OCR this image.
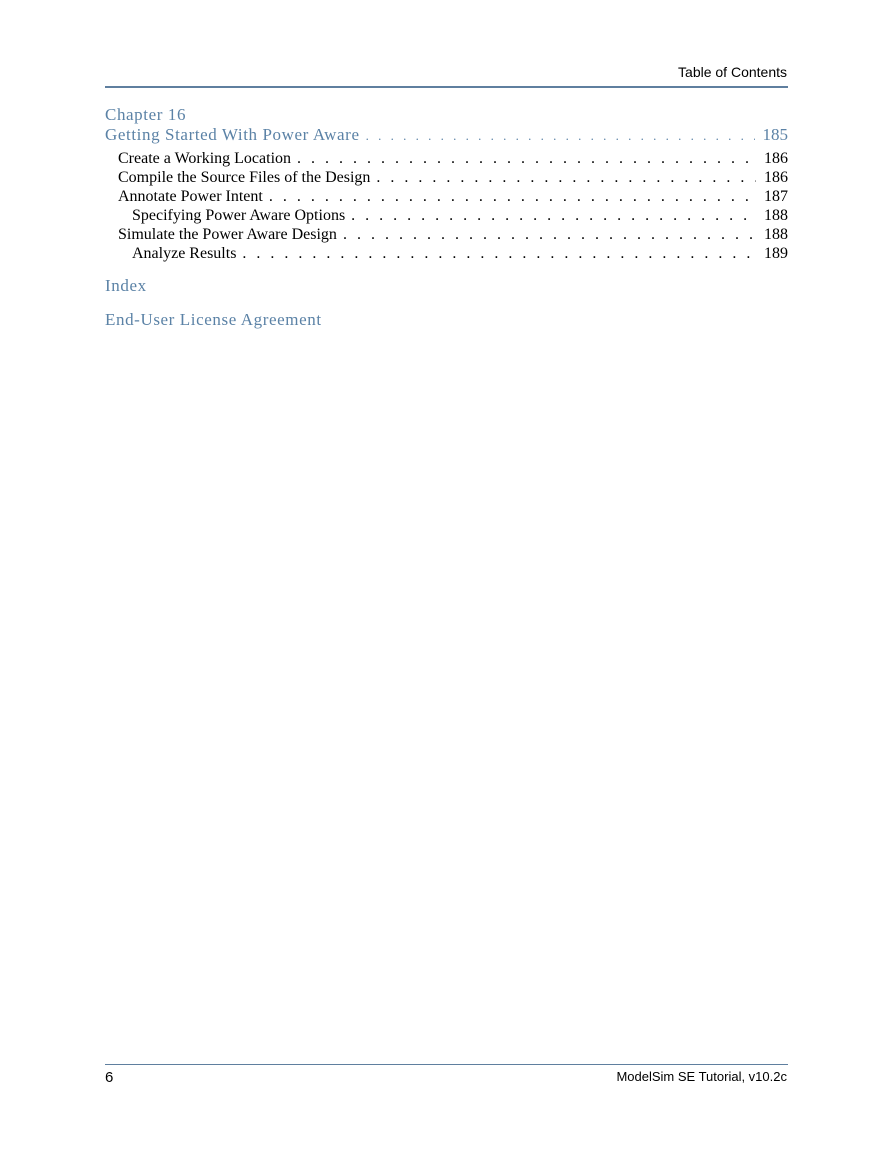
Table of Contents
Chapter 16
Getting Started With Power Aware . . .	185
Create a Working Location . . .	186
Compile the Source Files of the Design . . .	186
Annotate Power Intent . . .	187
Specifying Power Aware Options . . .	188
Simulate the Power Aware Design . . .	188
Analyze Results . . .	189
Index
End-User License Agreement
6	ModelSim SE Tutorial, v10.2c
